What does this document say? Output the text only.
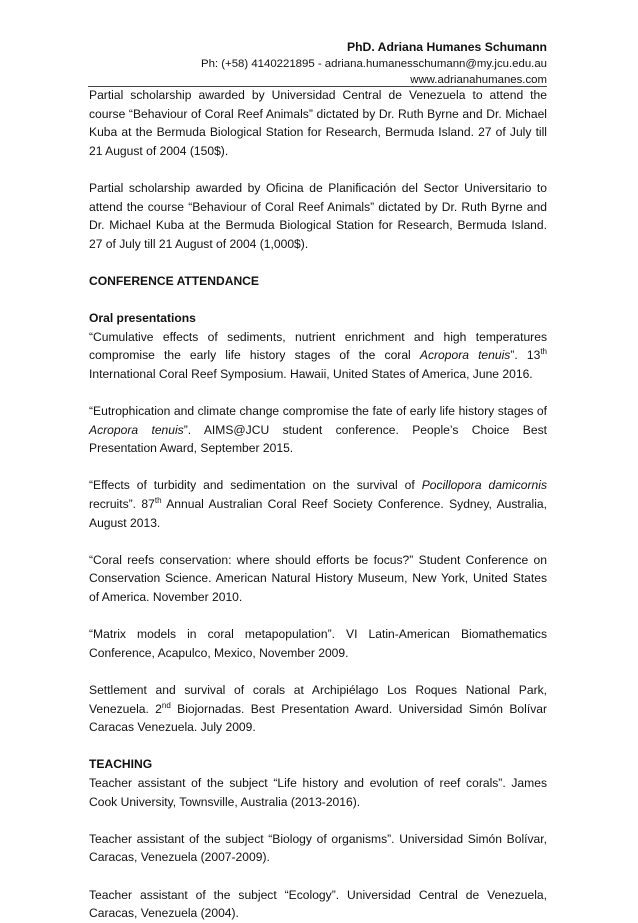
PhD. Adriana Humanes Schumann
Ph: (+58) 4140221895 - adriana.humanesschumann@my.jcu.edu.au
www.adrianahumanes.com

Partial scholarship awarded by Universidad Central de Venezuela to attend the course “Behaviour of Coral Reef Animals” dictated by Dr. Ruth Byrne and Dr. Michael Kuba at the Bermuda Biological Station for Research, Bermuda Island. 27 of July till 21 August of 2004 (150$).

Partial scholarship awarded by Oficina de Planificación del Sector Universitario to attend the course “Behaviour of Coral Reef Animals” dictated by Dr. Ruth Byrne and Dr. Michael Kuba at the Bermuda Biological Station for Research, Bermuda Island. 27 of July till 21 August of 2004 (1,000$).

CONFERENCE ATTENDANCE

Oral presentations

“Cumulative effects of sediments, nutrient enrichment and high temperatures compromise the early life history stages of the coral Acropora tenuis”. 13th International Coral Reef Symposium. Hawaii, United States of America, June 2016.

“Eutrophication and climate change compromise the fate of early life history stages of Acropora tenuis”. AIMS@JCU student conference. People’s Choice Best Presentation Award, September 2015.

“Effects of turbidity and sedimentation on the survival of Pocillopora damicornis recruits”. 87th Annual Australian Coral Reef Society Conference. Sydney, Australia, August 2013.

“Coral reefs conservation: where should efforts be focus?” Student Conference on Conservation Science. American Natural History Museum, New York, United States of America. November 2010.

“Matrix models in coral metapopulation”. VI Latin-American Biomathematics Conference, Acapulco, Mexico, November 2009.

Settlement and survival of corals at Archipiélago Los Roques National Park, Venezuela. 2nd Biojornadas. Best Presentation Award. Universidad Simón Bolívar Caracas Venezuela. July 2009.

TEACHING

Teacher assistant of the subject “Life history and evolution of reef corals”. James Cook University, Townsville, Australia (2013-2016).

Teacher assistant of the subject “Biology of organisms”. Universidad Simón Bolívar, Caracas, Venezuela (2007-2009).

Teacher assistant of the subject “Ecology”. Universidad Central de Venezuela, Caracas, Venezuela (2004).
